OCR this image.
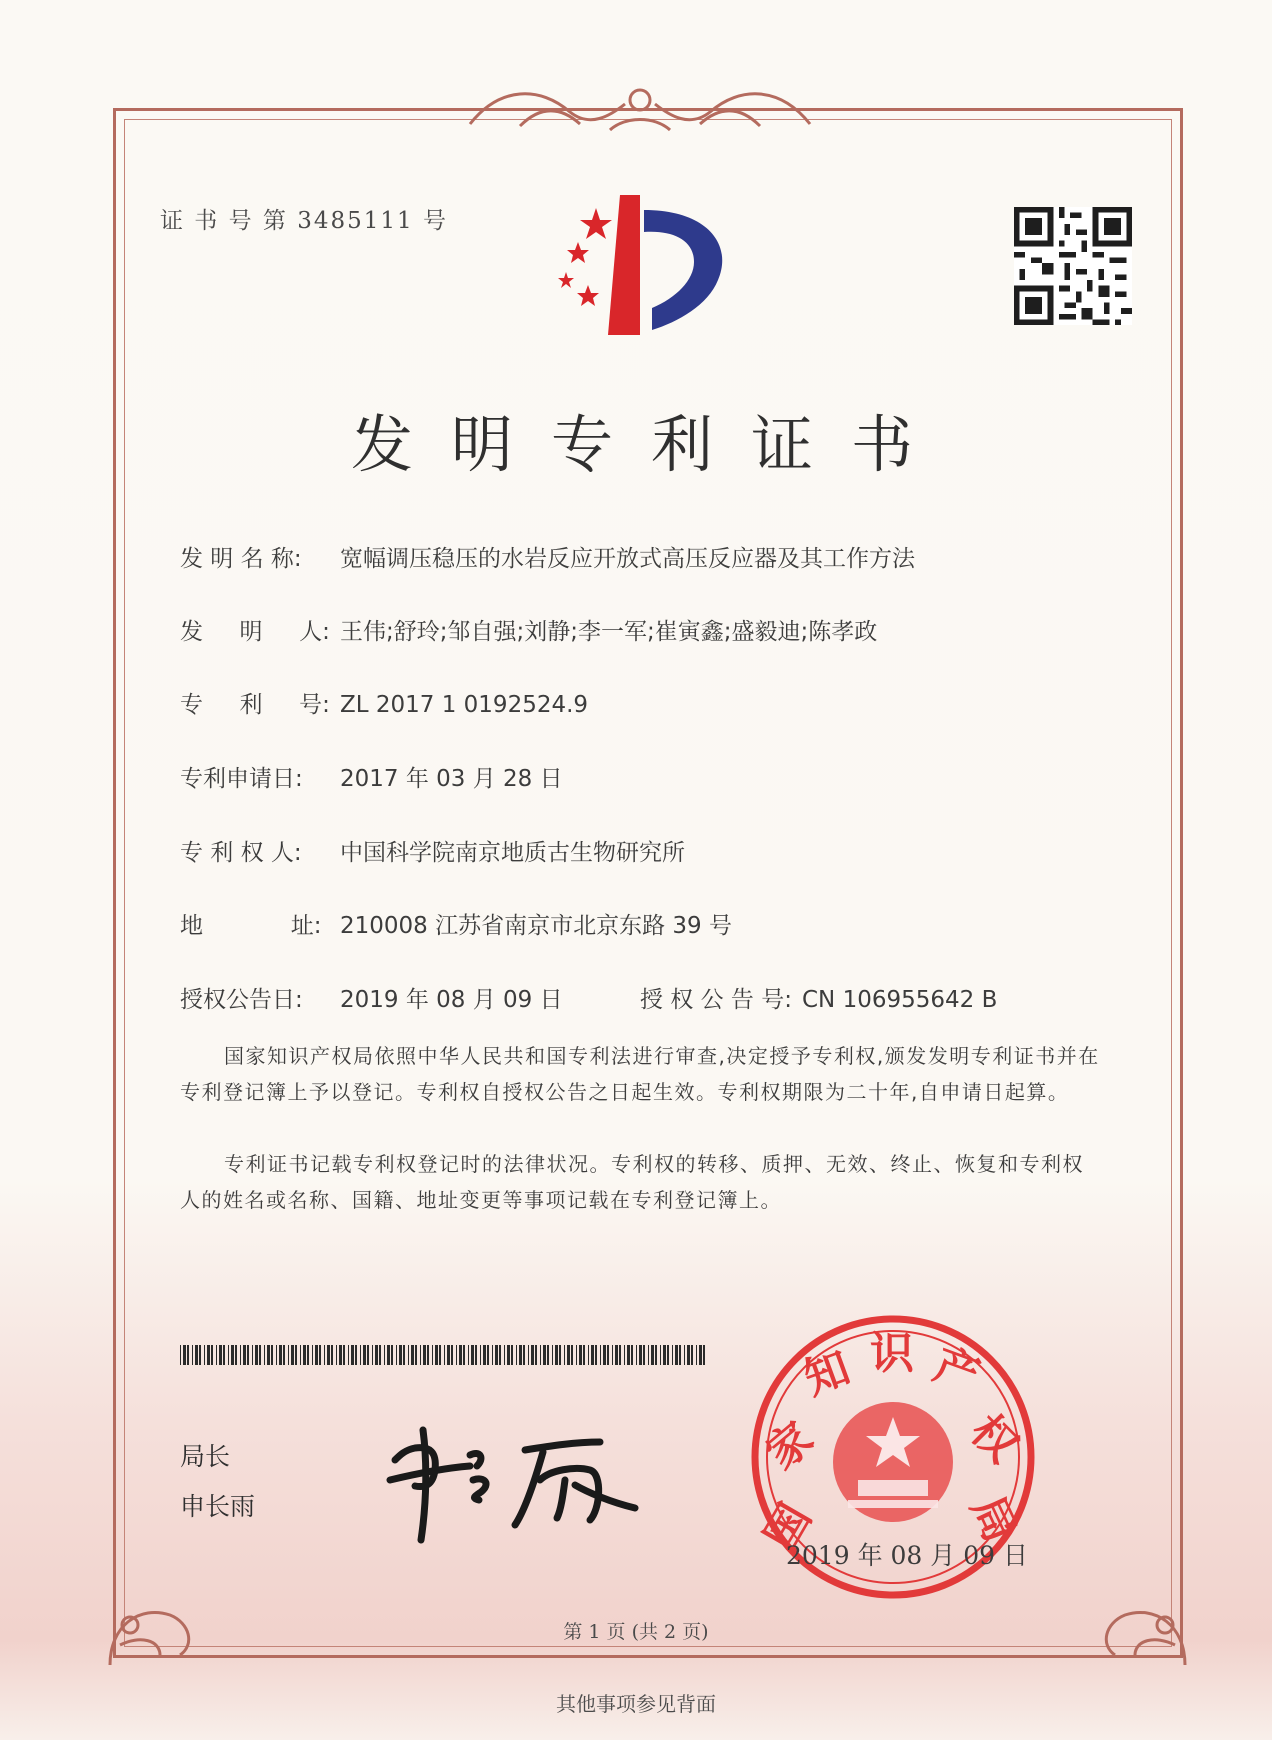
证 书 号 第 3485111 号
发明专利证书
发 明 名 称: 宽幅调压稳压的水岩反应开放式高压反应器及其工作方法
发     明     人: 王伟;舒玲;邹自强;刘静;李一军;崔寅鑫;盛毅迪;陈孝政
专     利     号: ZL 2017 1 0192524.9
专利申请日: 2017 年 03 月 28 日
专 利 权 人: 中国科学院南京地质古生物研究所
地            址: 210008 江苏省南京市北京东路 39 号
授权公告日: 2019 年 08 月 09 日	授 权 公 告 号: CN 106955642 B
国家知识产权局依照中华人民共和国专利法进行审查,决定授予专利权,颁发发明专利证书并在专利登记簿上予以登记。专利权自授权公告之日起生效。专利权期限为二十年,自申请日起算。
专利证书记载专利权登记时的法律状况。专利权的转移、质押、无效、终止、恢复和专利权人的姓名或名称、国籍、地址变更等事项记载在专利登记簿上。
局长
申长雨	国
家
知 识 产
权
局
2019 年 08 月 09 日
第 1 页 (共 2 页)
其他事项参见背面
